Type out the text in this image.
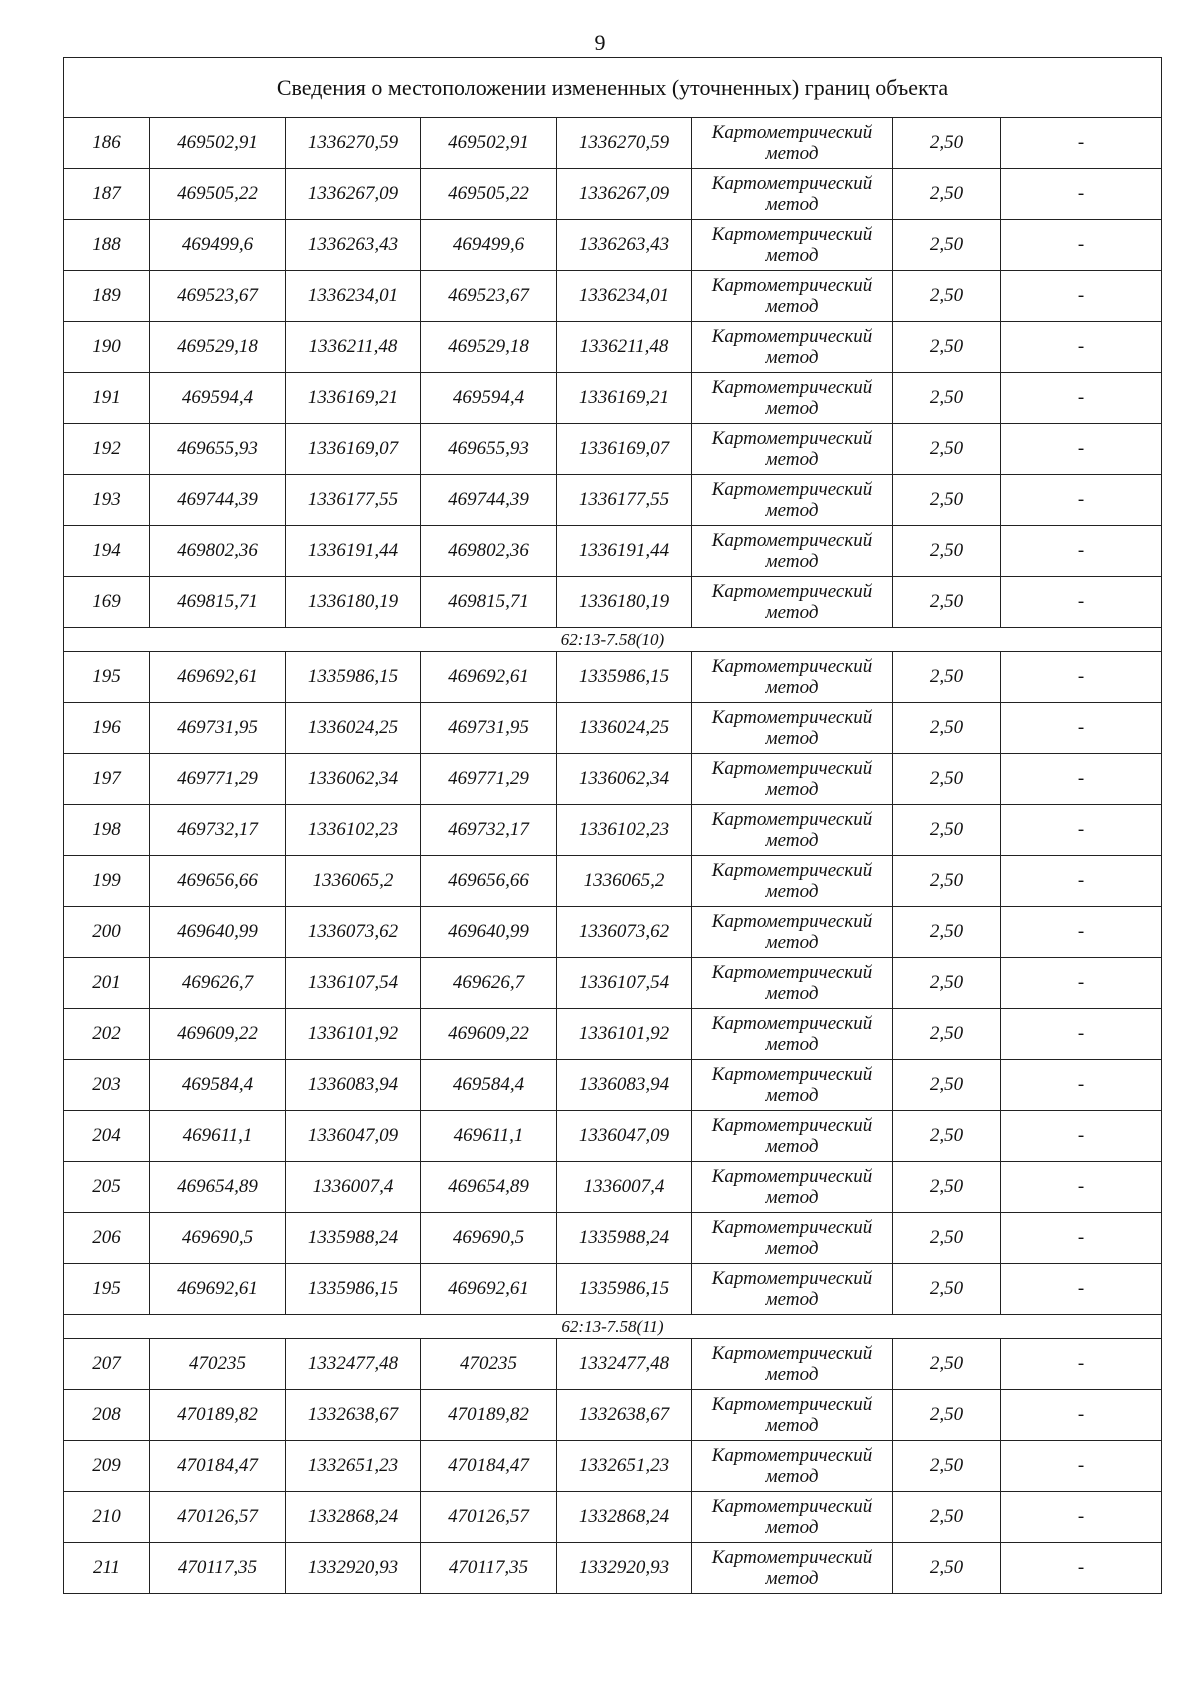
9
Сведения о местоположении измененных (уточненных) границ объекта							
186	469502,91	1336270,59	469502,91	1336270,59	Картометрический метод	2,50	-
187	469505,22	1336267,09	469505,22	1336267,09	Картометрический метод	2,50	-
188	469499,6	1336263,43	469499,6	1336263,43	Картометрический метод	2,50	-
189	469523,67	1336234,01	469523,67	1336234,01	Картометрический метод	2,50	-
190	469529,18	1336211,48	469529,18	1336211,48	Картометрический метод	2,50	-
191	469594,4	1336169,21	469594,4	1336169,21	Картометрический метод	2,50	-
192	469655,93	1336169,07	469655,93	1336169,07	Картометрический метод	2,50	-
193	469744,39	1336177,55	469744,39	1336177,55	Картометрический метод	2,50	-
194	469802,36	1336191,44	469802,36	1336191,44	Картометрический метод	2,50	-
169	469815,71	1336180,19	469815,71	1336180,19	Картометрический метод	2,50	-
62:13-7.58(10)							
195	469692,61	1335986,15	469692,61	1335986,15	Картометрический метод	2,50	-
196	469731,95	1336024,25	469731,95	1336024,25	Картометрический метод	2,50	-
197	469771,29	1336062,34	469771,29	1336062,34	Картометрический метод	2,50	-
198	469732,17	1336102,23	469732,17	1336102,23	Картометрический метод	2,50	-
199	469656,66	1336065,2	469656,66	1336065,2	Картометрический метод	2,50	-
200	469640,99	1336073,62	469640,99	1336073,62	Картометрический метод	2,50	-
201	469626,7	1336107,54	469626,7	1336107,54	Картометрический метод	2,50	-
202	469609,22	1336101,92	469609,22	1336101,92	Картометрический метод	2,50	-
203	469584,4	1336083,94	469584,4	1336083,94	Картометрический метод	2,50	-
204	469611,1	1336047,09	469611,1	1336047,09	Картометрический метод	2,50	-
205	469654,89	1336007,4	469654,89	1336007,4	Картометрический метод	2,50	-
206	469690,5	1335988,24	469690,5	1335988,24	Картометрический метод	2,50	-
195	469692,61	1335986,15	469692,61	1335986,15	Картометрический метод	2,50	-
62:13-7.58(11)							
207	470235	1332477,48	470235	1332477,48	Картометрический метод	2,50	-
208	470189,82	1332638,67	470189,82	1332638,67	Картометрический метод	2,50	-
209	470184,47	1332651,23	470184,47	1332651,23	Картометрический метод	2,50	-
210	470126,57	1332868,24	470126,57	1332868,24	Картометрический метод	2,50	-
211	470117,35	1332920,93	470117,35	1332920,93	Картометрический метод	2,50	-
